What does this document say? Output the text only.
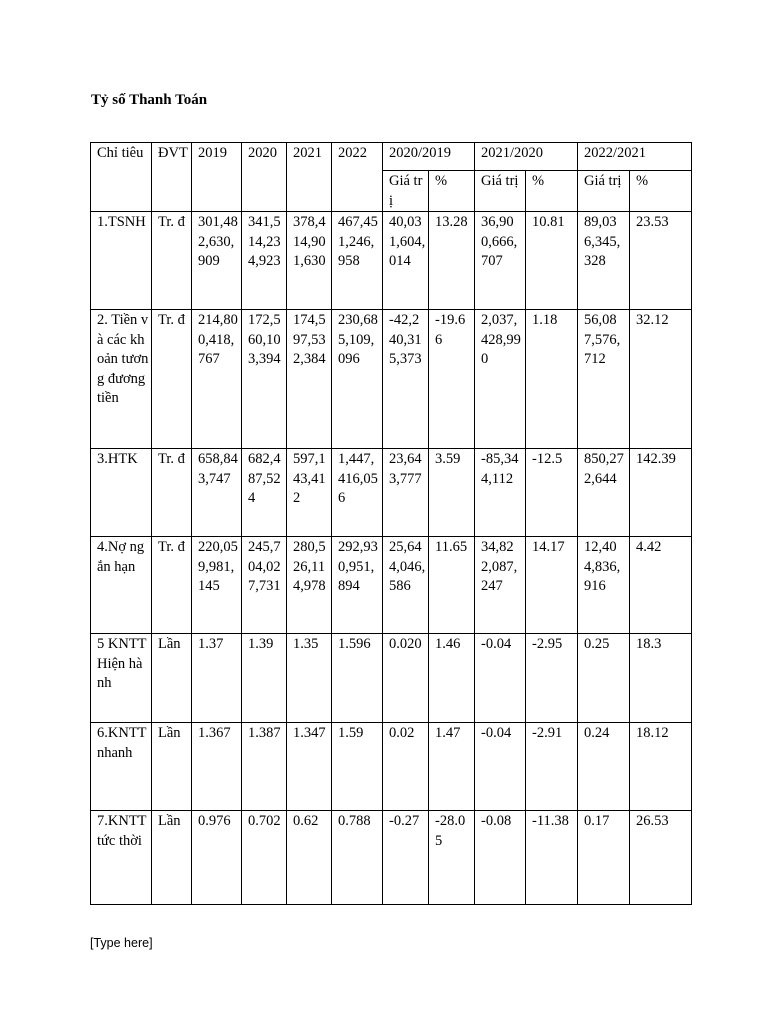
Tỷ số Thanh Toán
Chỉ tiêu	ĐVT	2019	2020	2021	2022	2020/2019		2021/2020		2022/2021	
						Giá trị	%	Giá trị	%	Giá trị	%
1.TSNH	Tr. đ	301,482,630,909	341,514,234,923	378,414,901,630	467,451,246,958	40,031,604,014	13.28	36,900,666,707	10.81	89,036,345,328	23.53
2. Tiền và các khoản tương đương tiền	Tr. đ	214,800,418,767	172,560,103,394	174,597,532,384	230,685,109,096	-42,240,315,373	-19.66	2,037,428,990	1.18	56,087,576,712	32.12
3.HTK	Tr. đ	658,843,747	682,487,524	597,143,412	1,447,416,056	23,643,777	3.59	-85,344,112	-12.5	850,272,644	142.39
4.Nợ ngắn hạn	Tr. đ	220,059,981,145	245,704,027,731	280,526,114,978	292,930,951,894	25,644,046,586	11.65	34,822,087,247	14.17	12,404,836,916	4.42
5 KNTT Hiện hành	Lần	1.37	1.39	1.35	1.596	0.020	1.46	-0.04	-2.95	0.25	18.3
6.KNTT nhanh	Lần	1.367	1.387	1.347	1.59	0.02	1.47	-0.04	-2.91	0.24	18.12
7.KNTT tức thời	Lần	0.976	0.702	0.62	0.788	-0.27	-28.05	-0.08	-11.38	0.17	26.53
[Type here]
